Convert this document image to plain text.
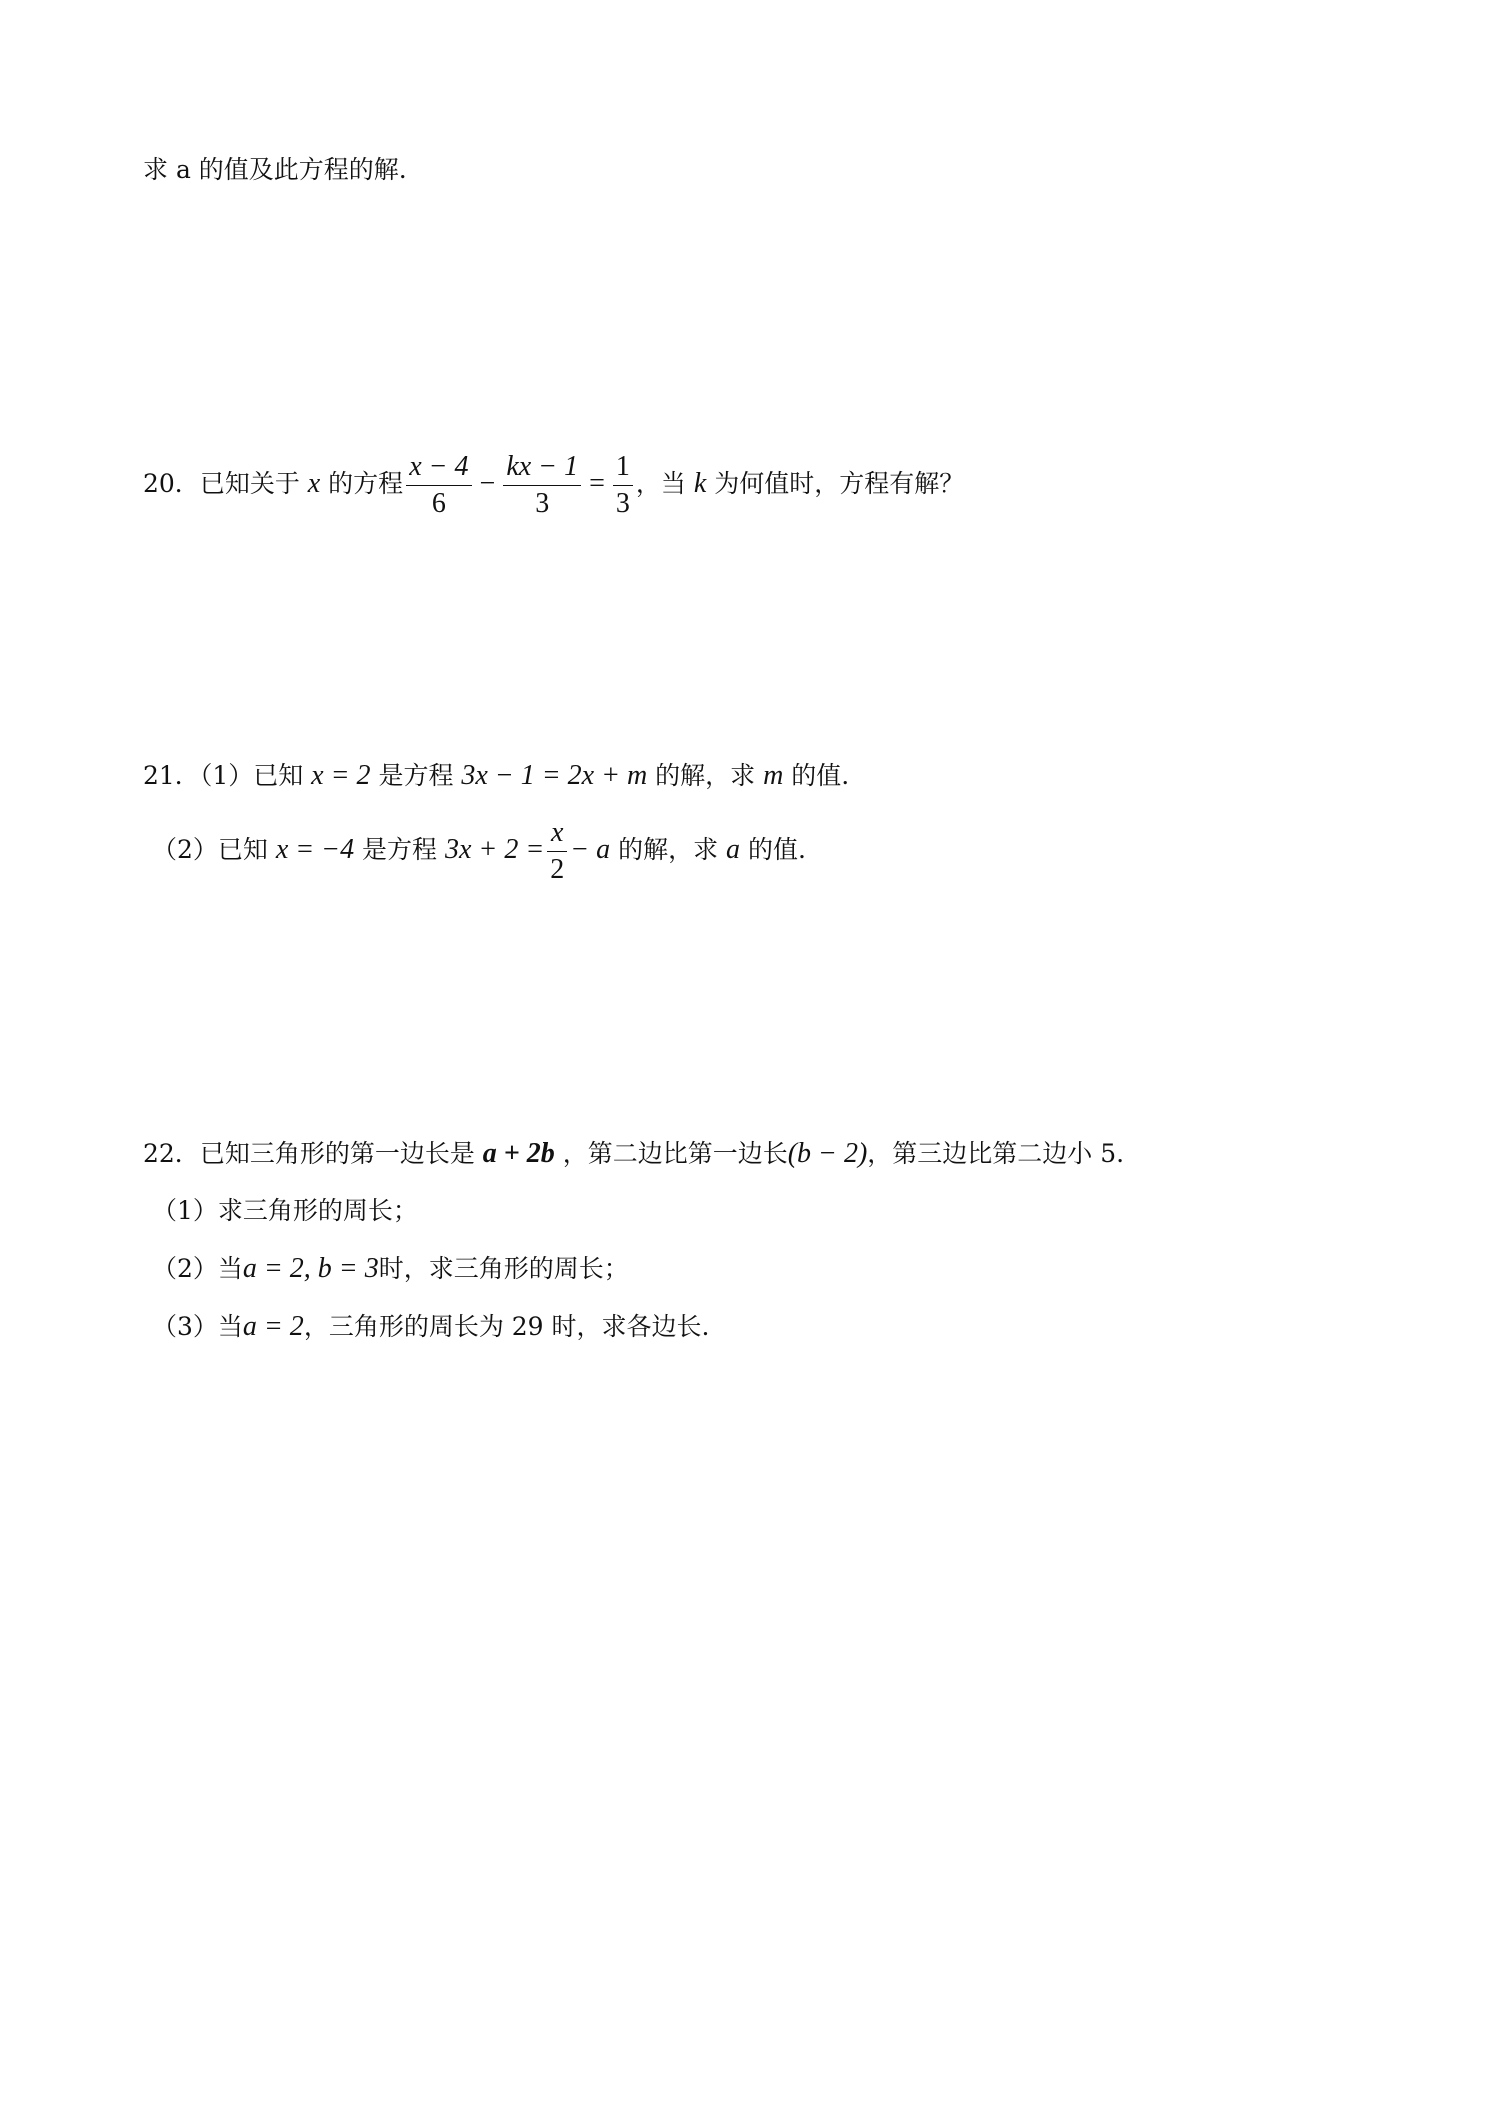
求 a 的值及此方程的解.
20．已知关于 x 的方程 $\frac{x - 4}{6} - \frac{kx - 1}{3} = \frac{1}{3}$ ，当 k 为何值时，方程有解？
21．（1）已知 x = 2 是方程 3x − 1 = 2x + m 的解，求 m 的值.
（2）已知 x = −4 是方程 $3x + 2 = \frac{x}{2} - a$ 的解，求 a 的值.
22．已知三角形的第一边长是 a + 2b ，第二边比第一边长(b − 2)，第三边比第二边小 5.
（1）求三角形的周长；
（2）当a = 2, b = 3时，求三角形的周长；
（3）当a = 2，三角形的周长为 29 时，求各边长.
